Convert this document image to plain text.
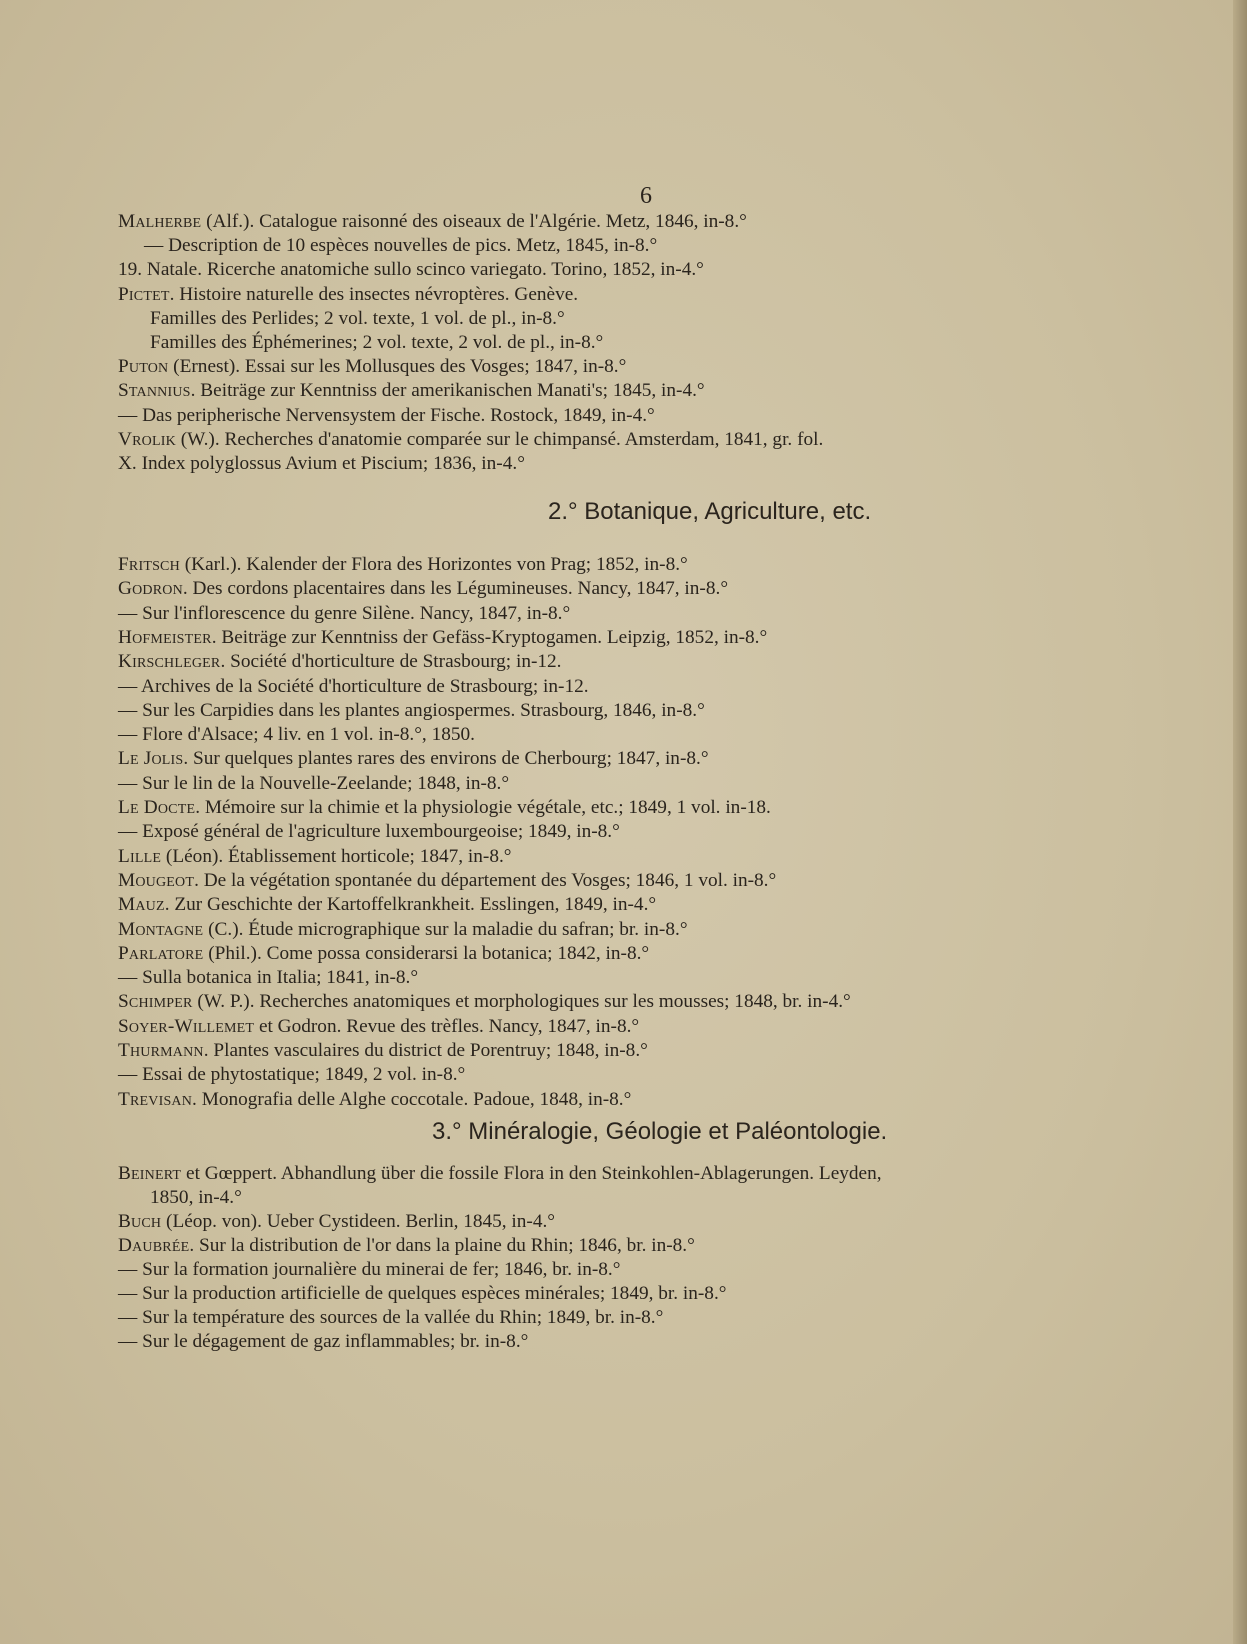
6
Malherbe (Alf.). Catalogue raisonné des oiseaux de l'Algérie. Metz, 1846, in-8.°
— Description de 10 espèces nouvelles de pics. Metz, 1845, in-8.°
19. Natale. Ricerche anatomiche sullo scinco variegato. Torino, 1852, in-4.°
Pictet. Histoire naturelle des insectes névroptères. Genève.
Familles des Perlides; 2 vol. texte, 1 vol. de pl., in-8.°
Familles des Éphémerines; 2 vol. texte, 2 vol. de pl., in-8.°
Puton (Ernest). Essai sur les Mollusques des Vosges; 1847, in-8.°
Stannius. Beiträge zur Kenntniss der amerikanischen Manati's; 1845, in-4.°
— Das peripherische Nervensystem der Fische. Rostock, 1849, in-4.°
Vrolik (W.). Recherches d'anatomie comparée sur le chimpansé. Amsterdam, 1841, gr. fol.
X. Index polyglossus Avium et Piscium; 1836, in-4.°
2.° Botanique, Agriculture, etc.
Fritsch (Karl.). Kalender der Flora des Horizontes von Prag; 1852, in-8.°
Godron. Des cordons placentaires dans les Légumineuses. Nancy, 1847, in-8.°
— Sur l'inflorescence du genre Silène. Nancy, 1847, in-8.°
Hofmeister. Beiträge zur Kenntniss der Gefäss-Kryptogamen. Leipzig, 1852, in-8.°
Kirschleger. Société d'horticulture de Strasbourg; in-12.
— Archives de la Société d'horticulture de Strasbourg; in-12.
— Sur les Carpidies dans les plantes angiospermes. Strasbourg, 1846, in-8.°
— Flore d'Alsace; 4 liv. en 1 vol. in-8.°, 1850.
Le Jolis. Sur quelques plantes rares des environs de Cherbourg; 1847, in-8.°
— Sur le lin de la Nouvelle-Zeelande; 1848, in-8.°
Le Docte. Mémoire sur la chimie et la physiologie végétale, etc.; 1849, 1 vol. in-18.
— Exposé général de l'agriculture luxembourgeoise; 1849, in-8.°
Lille (Léon). Établissement horticole; 1847, in-8.°
Mougeot. De la végétation spontanée du département des Vosges; 1846, 1 vol. in-8.°
Mauz. Zur Geschichte der Kartoffelkrankheit. Esslingen, 1849, in-4.°
Montagne (C.). Étude micrographique sur la maladie du safran; br. in-8.°
Parlatore (Phil.). Come possa considerarsi la botanica; 1842, in-8.°
— Sulla botanica in Italia; 1841, in-8.°
Schimper (W. P.). Recherches anatomiques et morphologiques sur les mousses; 1848, br. in-4.°
Soyer-Willemet et Godron. Revue des trèfles. Nancy, 1847, in-8.°
Thurmann. Plantes vasculaires du district de Porentruy; 1848, in-8.°
— Essai de phytostatique; 1849, 2 vol. in-8.°
Trevisan. Monografia delle Alghe coccotale. Padoue, 1848, in-8.°
3.° Minéralogie, Géologie et Paléontologie.
Beinert et Gœppert. Abhandlung über die fossile Flora in den Steinkohlen-Ablagerungen. Leyden,
1850, in-4.°
Buch (Léop. von). Ueber Cystideen. Berlin, 1845, in-4.°
Daubrée. Sur la distribution de l'or dans la plaine du Rhin; 1846, br. in-8.°
— Sur la formation journalière du minerai de fer; 1846, br. in-8.°
— Sur la production artificielle de quelques espèces minérales; 1849, br. in-8.°
— Sur la température des sources de la vallée du Rhin; 1849, br. in-8.°
— Sur le dégagement de gaz inflammables; br. in-8.°
